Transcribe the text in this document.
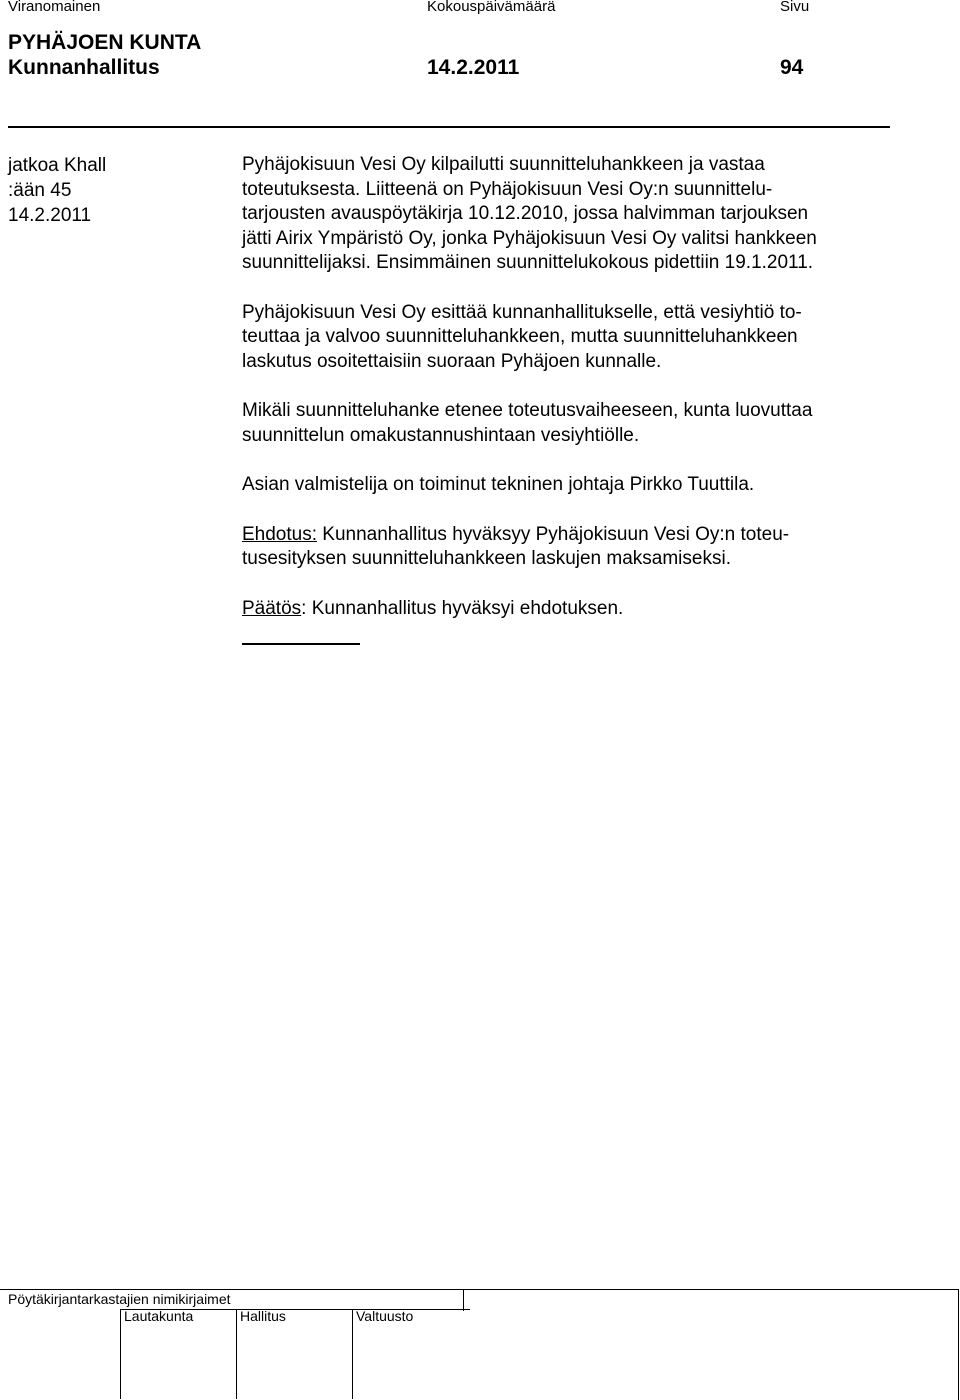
Viranomainen	Kokouspäivämäärä	Sivu
PYHÄJOEN KUNTA
Kunnanhallitus	14.2.2011	94
jatkoa Khall
:ään 45
14.2.2011

Pyhäjokisuun Vesi Oy kilpailutti suunnitteluhankkeen ja vastaa
toteutuksesta. Liitteenä on Pyhäjokisuun Vesi Oy:n suunnittelu-
tarjousten avauspöytäkirja 10.12.2010, jossa halvimman tarjouksen
jätti Airix Ympäristö Oy, jonka Pyhäjokisuun Vesi Oy valitsi hankkeen
suunnittelijaksi. Ensimmäinen suunnittelukokous pidettiin 19.1.2011.

Pyhäjokisuun Vesi Oy esittää kunnanhallitukselle, että vesiyhtiö to-
teuttaa ja valvoo suunnitteluhankkeen, mutta suunnitteluhankkeen
laskutus osoitettaisiin suoraan Pyhäjoen kunnalle.

Mikäli suunnitteluhanke etenee toteutusvaiheeseen, kunta luovuttaa
suunnittelun omakustannushintaan vesiyhtiölle.

Asian valmistelija on toiminut tekninen johtaja Pirkko Tuuttila.

Ehdotus: Kunnanhallitus hyväksyy Pyhäjokisuun Vesi Oy:n toteu-
tusesityksen suunnitteluhankkeen laskujen maksamiseksi.

Päätös: Kunnanhallitus hyväksyi ehdotuksen.

Pöytäkirjantarkastajien nimikirjaimet
Lautakunta	Hallitus	Valtuusto
